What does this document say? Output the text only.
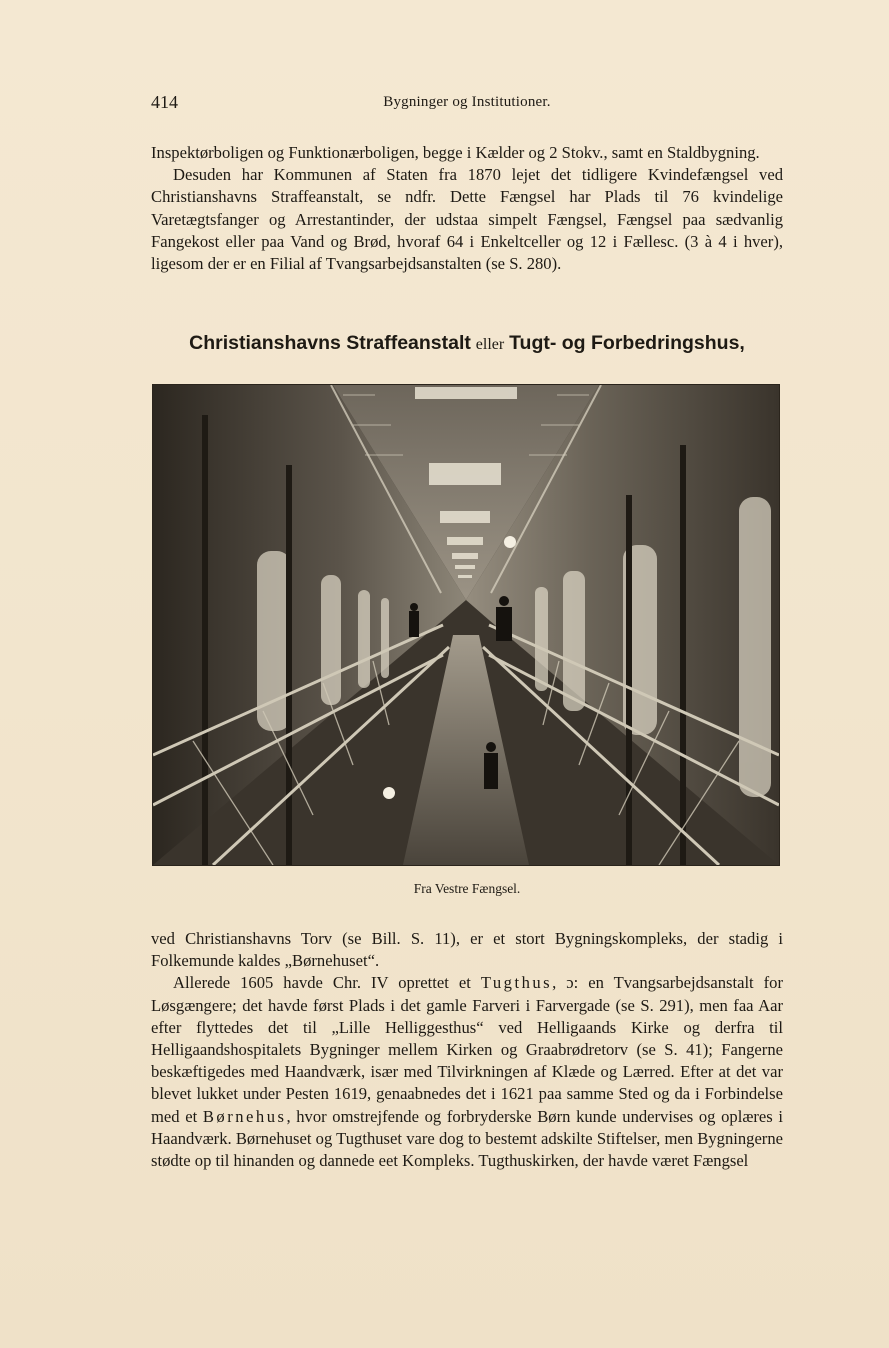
414	Bygninger og Institutioner.

Inspektørboligen og Funktionærboligen, begge i Kælder og 2 Stokv., samt en Staldbygning.

Desuden har Kommunen af Staten fra 1870 lejet det tidligere Kvindefængsel ved Christianshavns Straffeanstalt, se ndfr. Dette Fængsel har Plads til 76 kvindelige Varetægtsfanger og Arrestantinder, der udstaa simpelt Fængsel, Fængsel paa sædvanlig Fangekost eller paa Vand og Brød, hvoraf 64 i Enkeltceller og 12 i Fællesc. (3 à 4 i hver), ligesom der er en Filial af Tvangsarbejdsanstalten (se S. 280).

Christianshavns Straffeanstalt eller Tugt- og Forbedringshus,
Fra Vestre Fængsel.

ved Christianshavns Torv (se Bill. S. 11), er et stort Bygningskompleks, der stadig i Folkemunde kaldes „Børnehuset“.

Allerede 1605 havde Chr. IV oprettet et Tugthus, ɔ: en Tvangsarbejdsanstalt for Løsgængere; det havde først Plads i det gamle Farveri i Farvergade (se S. 291), men faa Aar efter flyttedes det til „Lille Helliggesthus“ ved Helligaands Kirke og derfra til Helligaandshospitalets Bygninger mellem Kirken og Graabrødretorv (se S. 41); Fangerne beskæftigedes med Haandværk, især med Tilvirkningen af Klæde og Lærred. Efter at det var blevet lukket under Pesten 1619, genaabnedes det i 1621 paa samme Sted og da i Forbindelse med et Børnehus, hvor omstrejfende og forbryderske Børn kunde undervises og oplæres i Haandværk. Børnehuset og Tugthuset vare dog to bestemt adskilte Stiftelser, men Bygningerne stødte op til hinanden og dannede eet Kompleks. Tugthuskirken, der havde været Fængsel
